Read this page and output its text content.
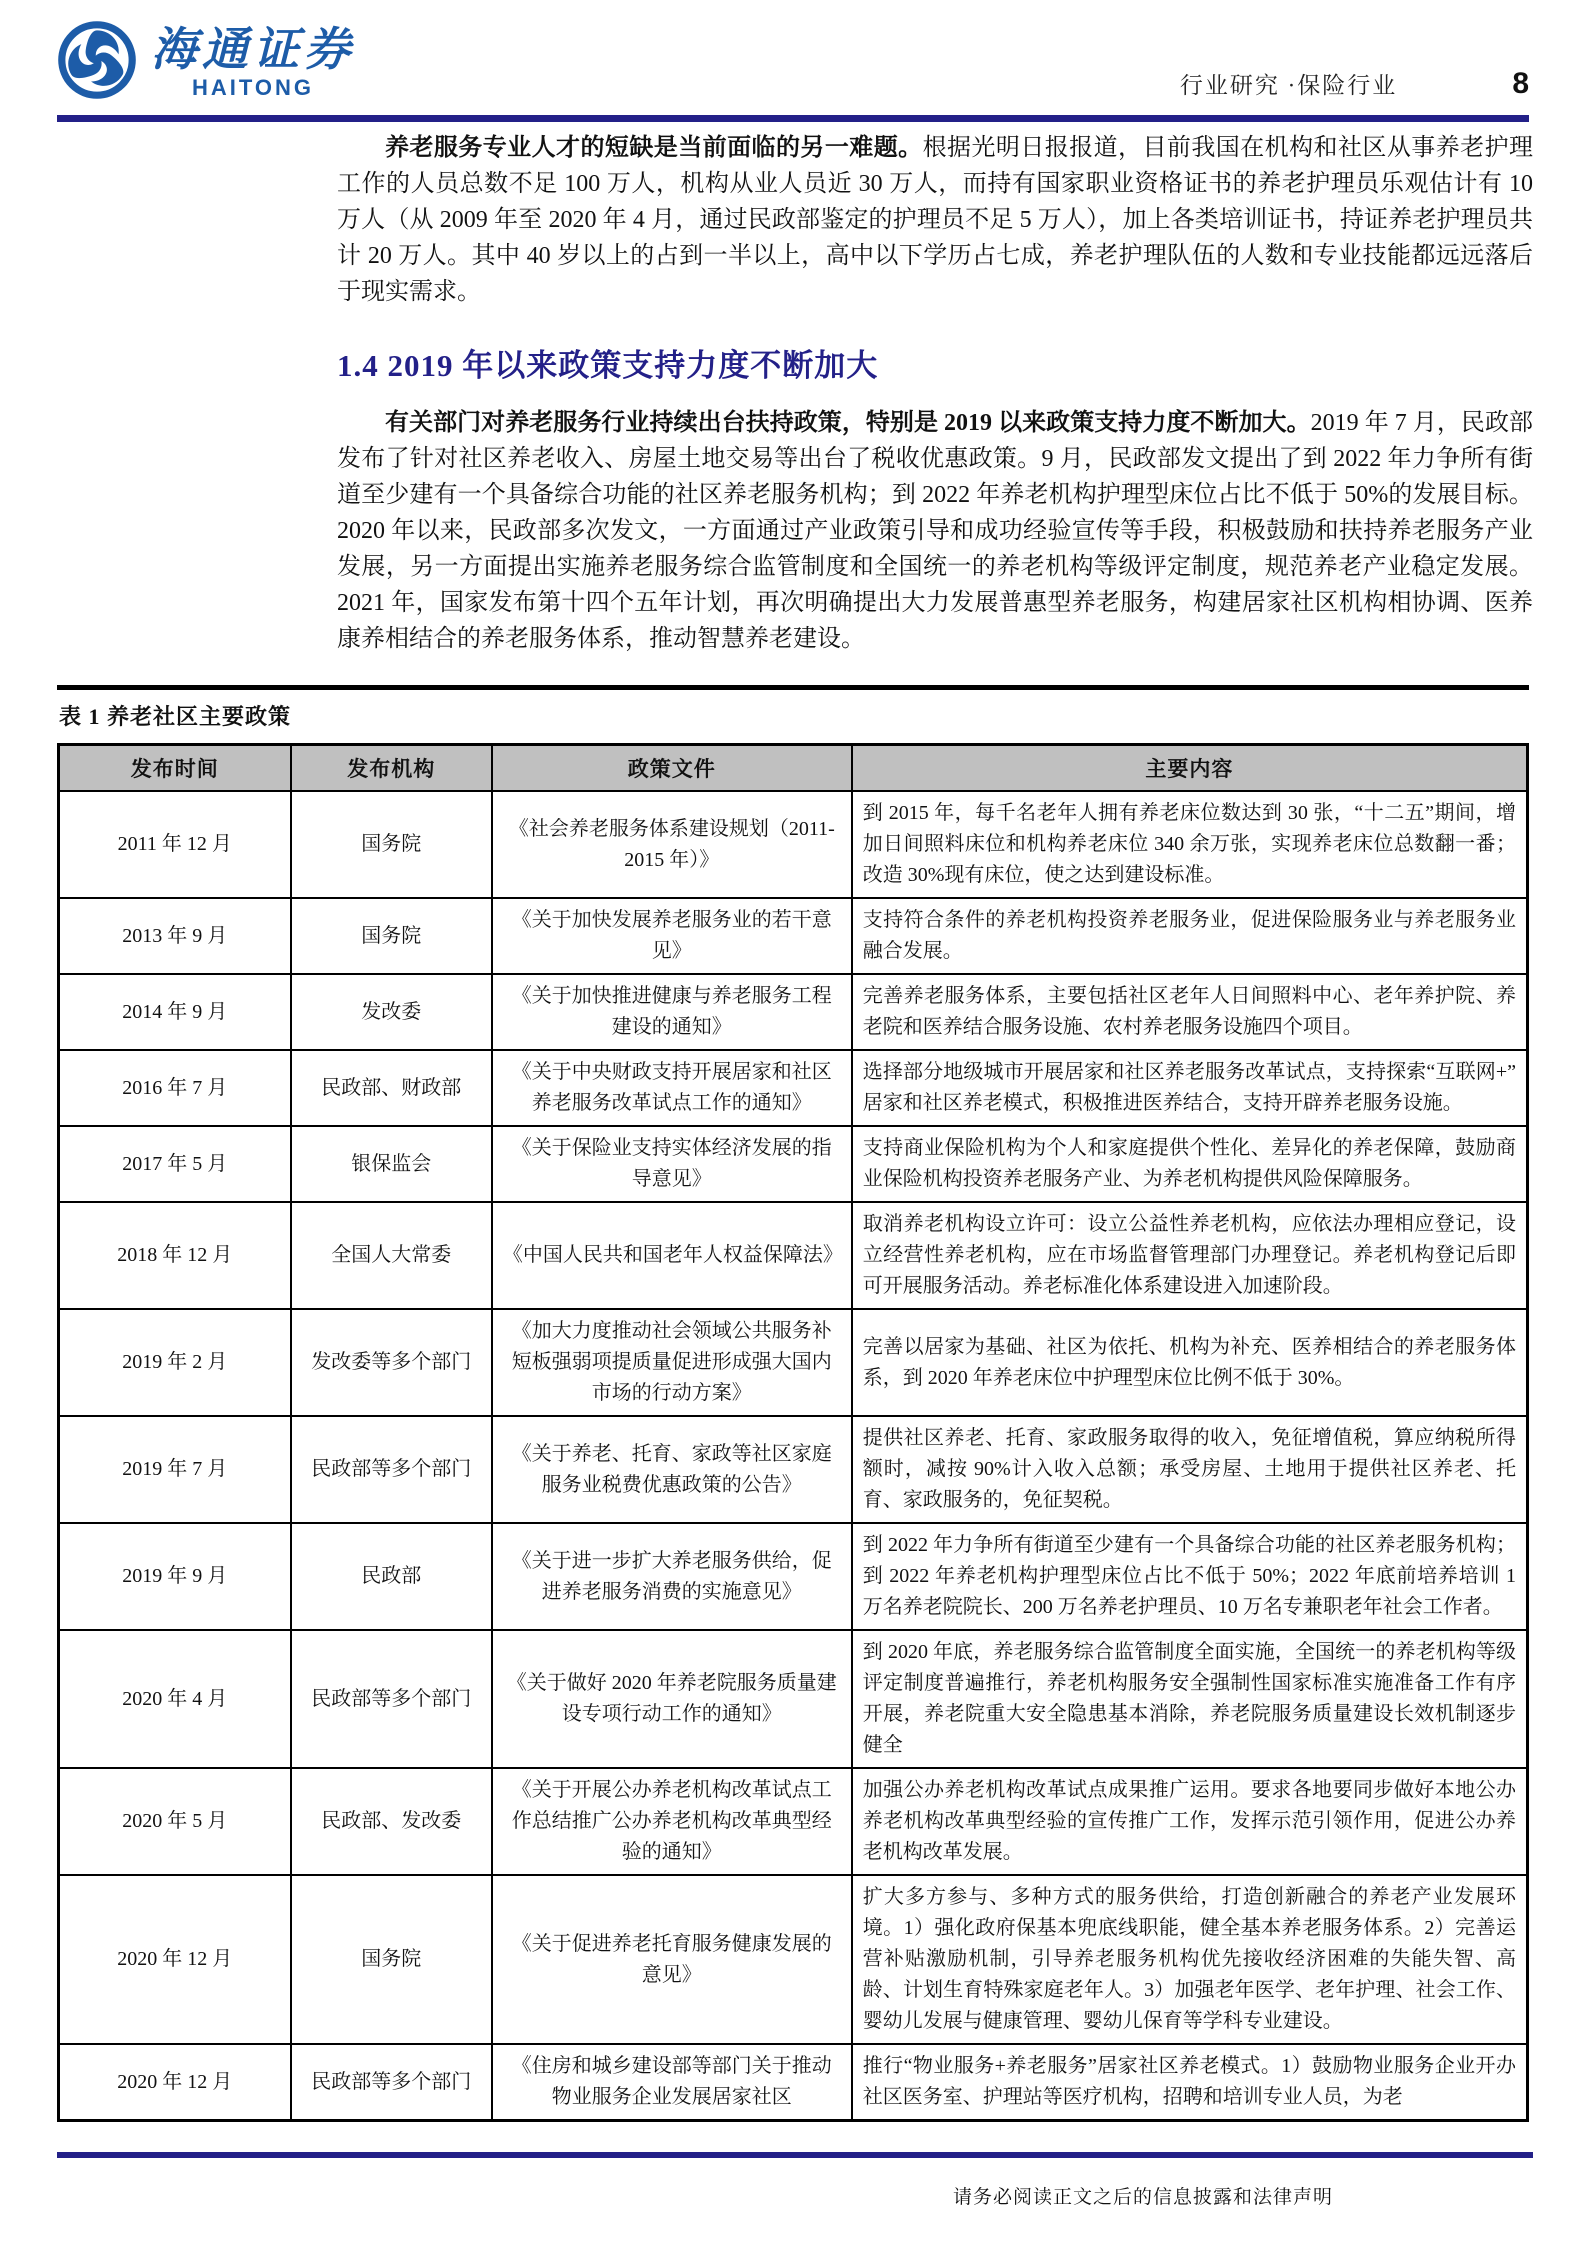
海通证券
HAITONG	行业研究 ·保险行业	8

养老服务专业人才的短缺是当前面临的另一难题。根据光明日报报道，目前我国在机构和社区从事养老护理工作的人员总数不足 100 万人，机构从业人员近 30 万人，而持有国家职业资格证书的养老护理员乐观估计有 10 万人（从 2009 年至 2020 年 4 月，通过民政部鉴定的护理员不足 5 万人），加上各类培训证书，持证养老护理员共计 20 万人。其中 40 岁以上的占到一半以上，高中以下学历占七成，养老护理队伍的人数和专业技能都远远落后于现实需求。

1.4 2019 年以来政策支持力度不断加大

有关部门对养老服务行业持续出台扶持政策，特别是 2019 以来政策支持力度不断加大。2019 年 7 月，民政部发布了针对社区养老收入、房屋土地交易等出台了税收优惠政策。9 月，民政部发文提出了到 2022 年力争所有街道至少建有一个具备综合功能的社区养老服务机构；到 2022 年养老机构护理型床位占比不低于 50%的发展目标。2020 年以来，民政部多次发文，一方面通过产业政策引导和成功经验宣传等手段，积极鼓励和扶持养老服务产业发展，另一方面提出实施养老服务综合监管制度和全国统一的养老机构等级评定制度，规范养老产业稳定发展。2021 年，国家发布第十四个五年计划，再次明确提出大力发展普惠型养老服务，构建居家社区机构相协调、医养康养相结合的养老服务体系，推动智慧养老建设。

表 1 养老社区主要政策
发布时间	发布机构	政策文件	主要内容
2011 年 12 月	国务院	《社会养老服务体系建设规划（2011-2015 年）》	到 2015 年，每千名老年人拥有养老床位数达到 30 张，“十二五”期间，增加日间照料床位和机构养老床位 340 余万张，实现养老床位总数翻一番；改造 30%现有床位，使之达到建设标准。
2013 年 9 月	国务院	《关于加快发展养老服务业的若干意见》	支持符合条件的养老机构投资养老服务业，促进保险服务业与养老服务业融合发展。
2014 年 9 月	发改委	《关于加快推进健康与养老服务工程建设的通知》	完善养老服务体系，主要包括社区老年人日间照料中心、老年养护院、养老院和医养结合服务设施、农村养老服务设施四个项目。
2016 年 7 月	民政部、财政部	《关于中央财政支持开展居家和社区养老服务改革试点工作的通知》	选择部分地级城市开展居家和社区养老服务改革试点，支持探索“互联网+”居家和社区养老模式，积极推进医养结合，支持开辟养老服务设施。
2017 年 5 月	银保监会	《关于保险业支持实体经济发展的指导意见》	支持商业保险机构为个人和家庭提供个性化、差异化的养老保障，鼓励商业保险机构投资养老服务产业、为养老机构提供风险保障服务。
2018 年 12 月	全国人大常委	《中国人民共和国老年人权益保障法》	取消养老机构设立许可：设立公益性养老机构，应依法办理相应登记，设立经营性养老机构，应在市场监督管理部门办理登记。养老机构登记后即可开展服务活动。养老标准化体系建设进入加速阶段。
2019 年 2 月	发改委等多个部门	《加大力度推动社会领域公共服务补短板强弱项提质量促进形成强大国内市场的行动方案》	完善以居家为基础、社区为依托、机构为补充、医养相结合的养老服务体系，到 2020 年养老床位中护理型床位比例不低于 30%。
2019 年 7 月	民政部等多个部门	《关于养老、托育、家政等社区家庭服务业税费优惠政策的公告》	提供社区养老、托育、家政服务取得的收入，免征增值税，算应纳税所得额时，减按 90%计入收入总额；承受房屋、土地用于提供社区养老、托育、家政服务的，免征契税。
2019 年 9 月	民政部	《关于进一步扩大养老服务供给，促进养老服务消费的实施意见》	到 2022 年力争所有街道至少建有一个具备综合功能的社区养老服务机构；到 2022 年养老机构护理型床位占比不低于 50%；2022 年底前培养培训 1 万名养老院院长、200 万名养老护理员、10 万名专兼职老年社会工作者。
2020 年 4 月	民政部等多个部门	《关于做好 2020 年养老院服务质量建设专项行动工作的通知》	到 2020 年底，养老服务综合监管制度全面实施，全国统一的养老机构等级评定制度普遍推行，养老机构服务安全强制性国家标准实施准备工作有序开展，养老院重大安全隐患基本消除，养老院服务质量建设长效机制逐步健全
2020 年 5 月	民政部、发改委	《关于开展公办养老机构改革试点工作总结推广公办养老机构改革典型经验的通知》	加强公办养老机构改革试点成果推广运用。要求各地要同步做好本地公办养老机构改革典型经验的宣传推广工作，发挥示范引领作用，促进公办养老机构改革发展。
2020 年 12 月	国务院	《关于促进养老托育服务健康发展的意见》	扩大多方参与、多种方式的服务供给，打造创新融合的养老产业发展环境。1）强化政府保基本兜底线职能，健全基本养老服务体系。2）完善运营补贴激励机制，引导养老服务机构优先接收经济困难的失能失智、高龄、计划生育特殊家庭老年人。3）加强老年医学、老年护理、社会工作、婴幼儿发展与健康管理、婴幼儿保育等学科专业建设。
2020 年 12 月	民政部等多个部门	《住房和城乡建设部等部门关于推动物业服务企业发展居家社区	推行“物业服务+养老服务”居家社区养老模式。1）鼓励物业服务企业开办社区医务室、护理站等医疗机构，招聘和培训专业人员，为老
请务必阅读正文之后的信息披露和法律声明
